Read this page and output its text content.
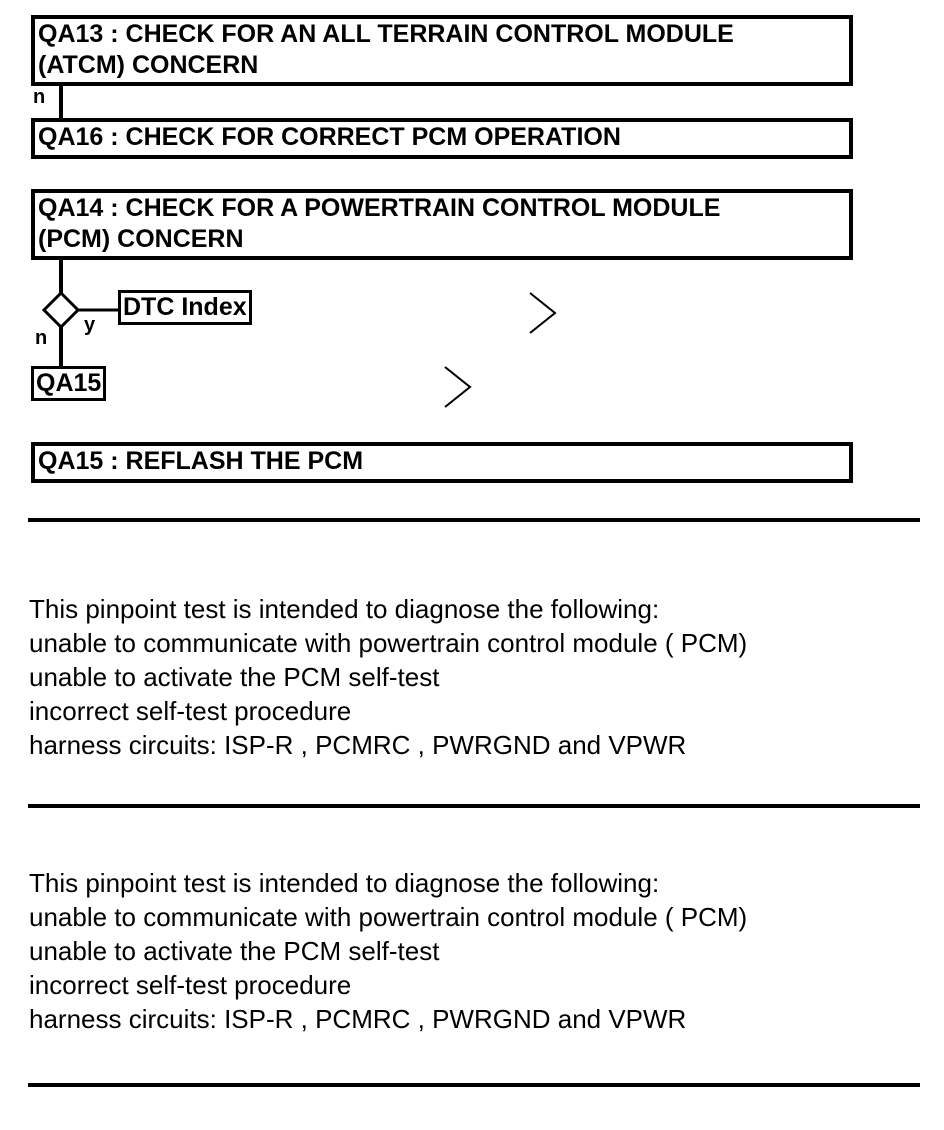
QA13 : CHECK FOR AN ALL TERRAIN CONTROL MODULE
(ATCM) CONCERN
n
QA16 : CHECK FOR CORRECT PCM OPERATION
QA14 : CHECK FOR A POWERTRAIN CONTROL MODULE
(PCM) CONCERN
y
n
DTC Index
QA15
QA15 : REFLASH THE PCM
This pinpoint test is intended to diagnose the following:
unable to communicate with powertrain control module ( PCM)
unable to activate the PCM self-test
incorrect self-test procedure
harness circuits: ISP-R , PCMRC , PWRGND and VPWR
This pinpoint test is intended to diagnose the following:
unable to communicate with powertrain control module ( PCM)
unable to activate the PCM self-test
incorrect self-test procedure
harness circuits: ISP-R , PCMRC , PWRGND and VPWR
